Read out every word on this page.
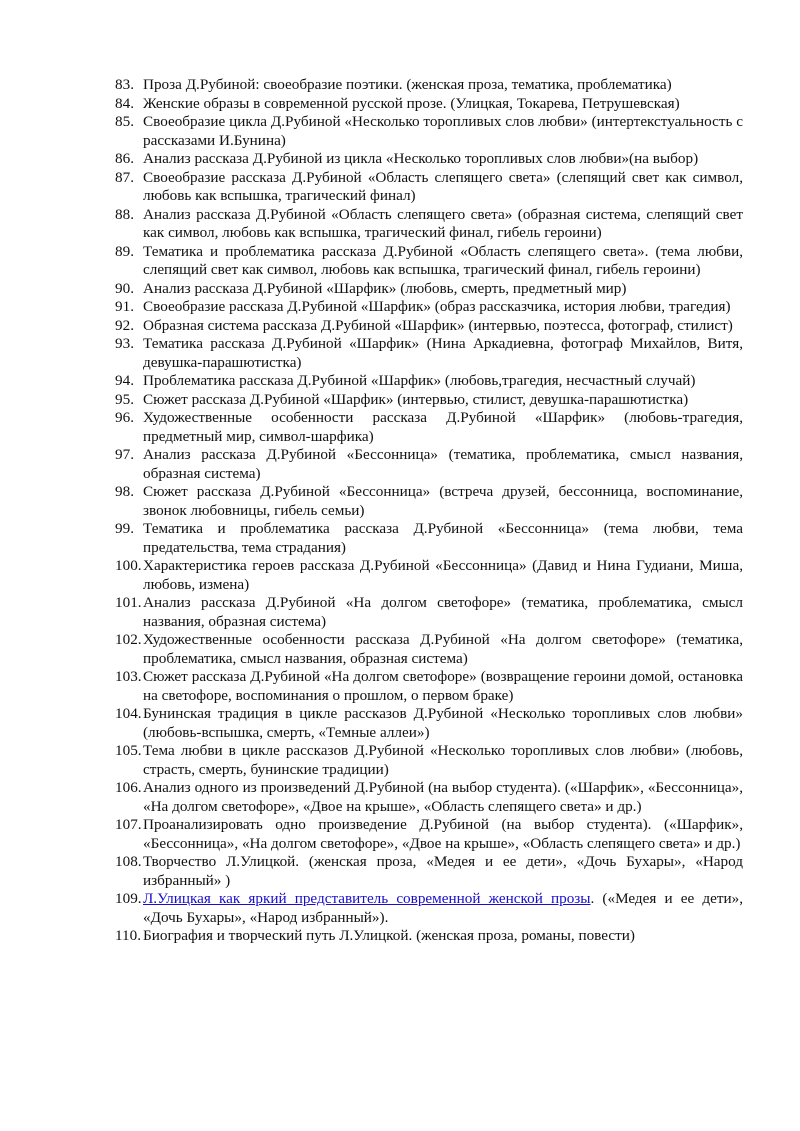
83. Проза Д.Рубиной: своеобразие поэтики. (женская проза, тематика, проблематика)
84. Женские образы в современной русской прозе. (Улицкая, Токарева, Петрушевская)
85. Своеобразие цикла Д.Рубиной «Несколько торопливых слов любви» (интертекстуальность с рассказами И.Бунина)
86. Анализ рассказа Д.Рубиной из цикла «Несколько торопливых слов любви»(на выбор)
87. Своеобразие рассказа Д.Рубиной «Область слепящего света» (слепящий свет как символ, любовь как вспышка, трагический финал)
88. Анализ рассказа Д.Рубиной «Область слепящего света» (образная система, слепящий свет как символ, любовь как вспышка, трагический финал, гибель героини)
89. Тематика и проблематика рассказа Д.Рубиной «Область слепящего света». (тема любви, слепящий свет как символ, любовь как вспышка, трагический финал, гибель героини)
90. Анализ рассказа Д.Рубиной «Шарфик» (любовь, смерть, предметный мир)
91. Своеобразие рассказа Д.Рубиной «Шарфик» (образ рассказчика, история любви, трагедия)
92. Образная система рассказа Д.Рубиной «Шарфик» (интервью, поэтесса, фотограф, стилист)
93. Тематика рассказа Д.Рубиной «Шарфик» (Нина Аркадиевна, фотограф Михайлов, Витя, девушка-парашютистка)
94. Проблематика рассказа Д.Рубиной «Шарфик» (любовь,трагедия, несчастный случай)
95. Сюжет рассказа Д.Рубиной «Шарфик» (интервью, стилист, девушка-парашютистка)
96. Художественные особенности рассказа Д.Рубиной «Шарфик» (любовь-трагедия, предметный мир, символ-шарфика)
97. Анализ рассказа Д.Рубиной «Бессонница» (тематика, проблематика, смысл названия, образная система)
98. Сюжет рассказа Д.Рубиной «Бессонница» (встреча друзей, бессонница, воспоминание, звонок любовницы, гибель семьи)
99. Тематика и проблематика рассказа Д.Рубиной «Бессонница» (тема любви, тема предательства, тема страдания)
100. Характеристика героев рассказа Д.Рубиной «Бессонница» (Давид и Нина Гудиани, Миша, любовь, измена)
101. Анализ рассказа Д.Рубиной «На долгом светофоре» (тематика, проблематика, смысл названия, образная система)
102. Художественные особенности рассказа Д.Рубиной «На долгом светофоре» (тематика, проблематика, смысл названия, образная система)
103. Сюжет рассказа Д.Рубиной «На долгом светофоре» (возвращение героини домой, остановка на светофоре, воспоминания о прошлом, о первом браке)
104. Бунинская традиция в цикле рассказов Д.Рубиной «Несколько торопливых слов любви» (любовь-вспышка, смерть, «Темные аллеи»)
105. Тема любви в цикле рассказов Д.Рубиной «Несколько торопливых слов любви» (любовь, страсть, смерть, бунинские традиции)
106. Анализ одного из произведений Д.Рубиной (на выбор студента). («Шарфик», «Бессонница», «На долгом светофоре», «Двое на крыше», «Область слепящего света» и др.)
107. Проанализировать одно произведение Д.Рубиной (на выбор студента). («Шарфик», «Бессонница», «На долгом светофоре», «Двое на крыше», «Область слепящего света» и др.)
108. Творчество Л.Улицкой. (женская проза, «Медея и ее дети», «Дочь Бухары», «Народ избранный» )
109. Л.Улицкая как яркий представитель современной женской прозы. («Медея и ее дети», «Дочь Бухары», «Народ избранный»).
110. Биография и творческий путь Л.Улицкой. (женская проза, романы, повести)
